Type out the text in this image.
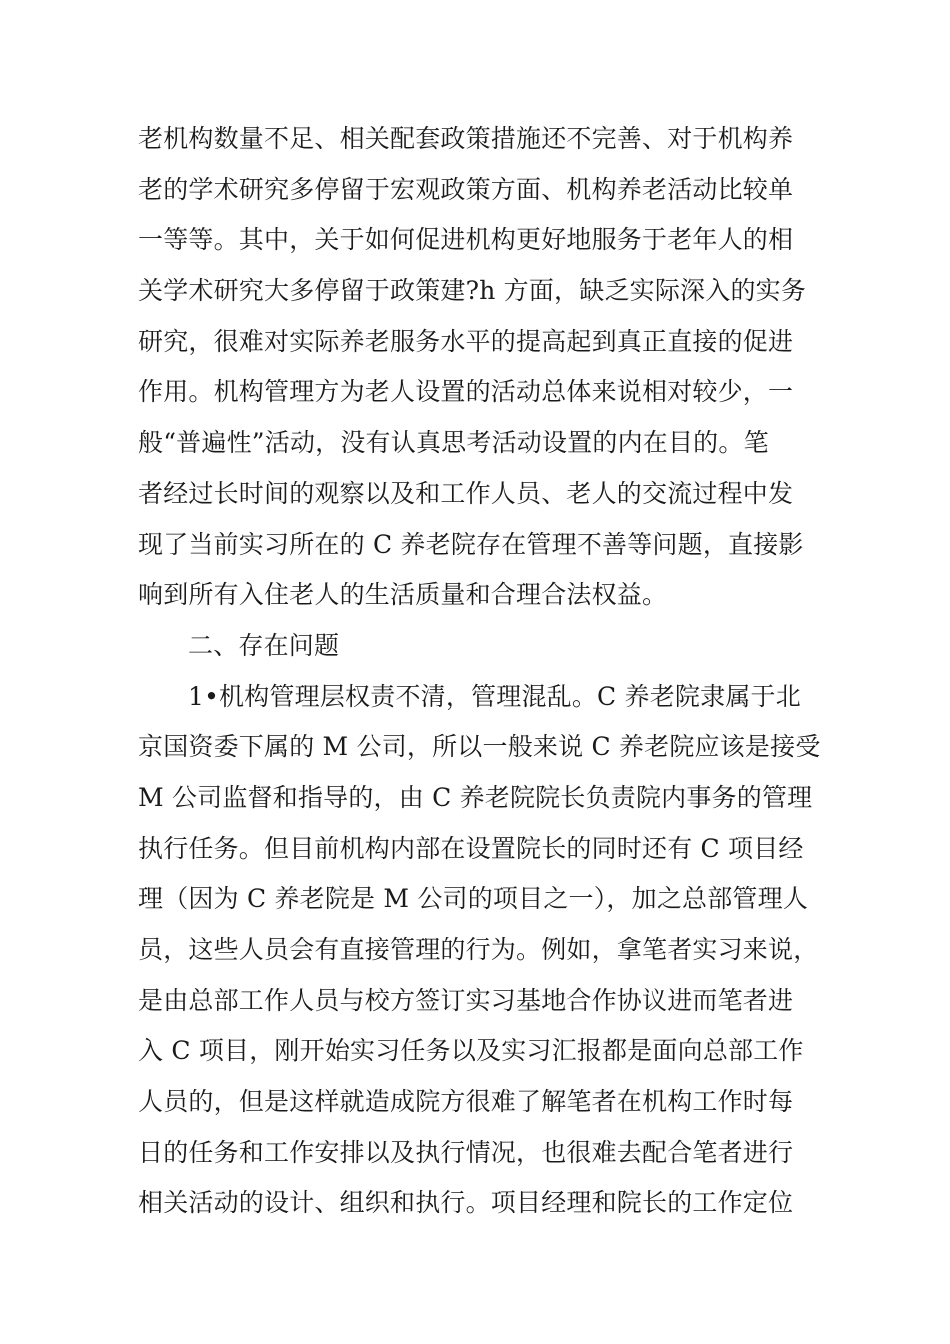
老机构数量不足、相关配套政策措施还不完善、对于机构养
老的学术研究多停留于宏观政策方面、机构养老活动比较单
一等等。其中，关于如何促进机构更好地服务于老年人的相
关学术研究大多停留于政策建?h 方面，缺乏实际深入的实务
研究，很难对实际养老服务水平的提高起到真正直接的促进
作用。机构管理方为老人设置的活动总体来说相对较少，一
般“普遍性”活动，没有认真思考活动设置的内在目的。笔
者经过长时间的观察以及和工作人员、老人的交流过程中发
现了当前实习所在的 C 养老院存在管理不善等问题，直接影
响到所有入住老人的生活质量和合理合法权益。
二、存在问题
1•机构管理层权责不清，管理混乱。C 养老院隶属于北
京国资委下属的 M 公司，所以一般来说 C 养老院应该是接受
M 公司监督和指导的，由 C 养老院院长负责院内事务的管理
执行任务。但目前机构内部在设置院长的同时还有 C 项目经
理（因为 C 养老院是 M 公司的项目之一），加之总部管理人
员，这些人员会有直接管理的行为。例如，拿笔者实习来说，
是由总部工作人员与校方签订实习基地合作协议进而笔者进
入 C 项目，刚开始实习任务以及实习汇报都是面向总部工作
人员的，但是这样就造成院方很难了解笔者在机构工作时每
日的任务和工作安排以及执行情况，也很难去配合笔者进行
相关活动的设计、组织和执行。项目经理和院长的工作定位
